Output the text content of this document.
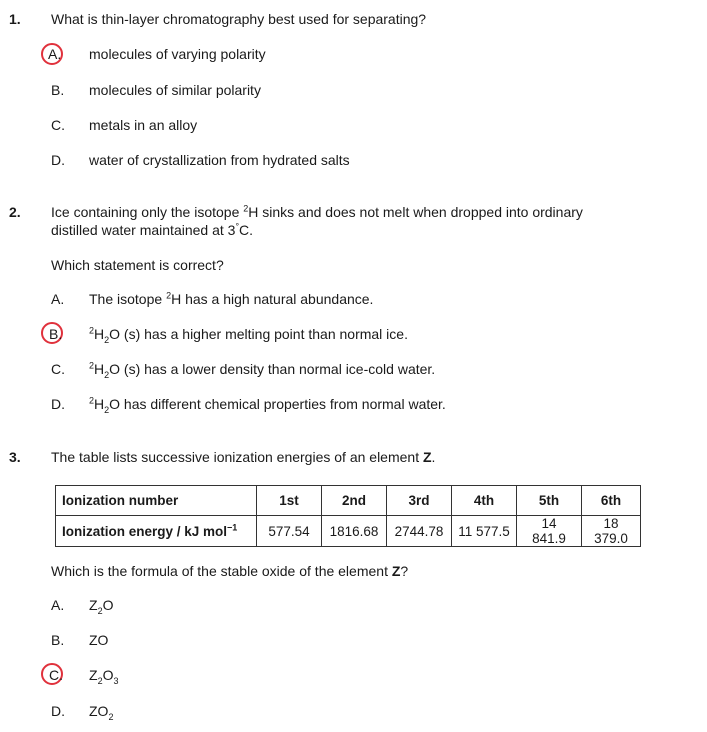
1. What is thin-layer chromatography best used for separating?
A. molecules of varying polarity
B. molecules of similar polarity
C. metals in an alloy
D. water of crystallization from hydrated salts
2. Ice containing only the isotope $^2$H sinks and does not melt when dropped into ordinary
distilled water maintained at 3°C.
Which statement is correct?
A. The isotope $^2$H has a high natural abundance.
B.	$^2H_2O$ (s) has a higher melting point than normal ice.
C.	$^2H_2O$ (s) has a lower density than normal ice-cold water.
D.	$^2H_2O$ has different chemical properties from normal water.
3. The table lists successive ionization energies of an element Z.
Ionization number	1st	2nd	3rd	4th	5th	6th
Ionization energy / kJ mol$^{-1}$	577.54	1816.68	2744.78	11 577.5	14 841.9	18 379.0
Which is the formula of the stable oxide of the element Z?
A. $Z_2O$
B. ZO
C. $Z_2O_3$
D. $ZO_2$
